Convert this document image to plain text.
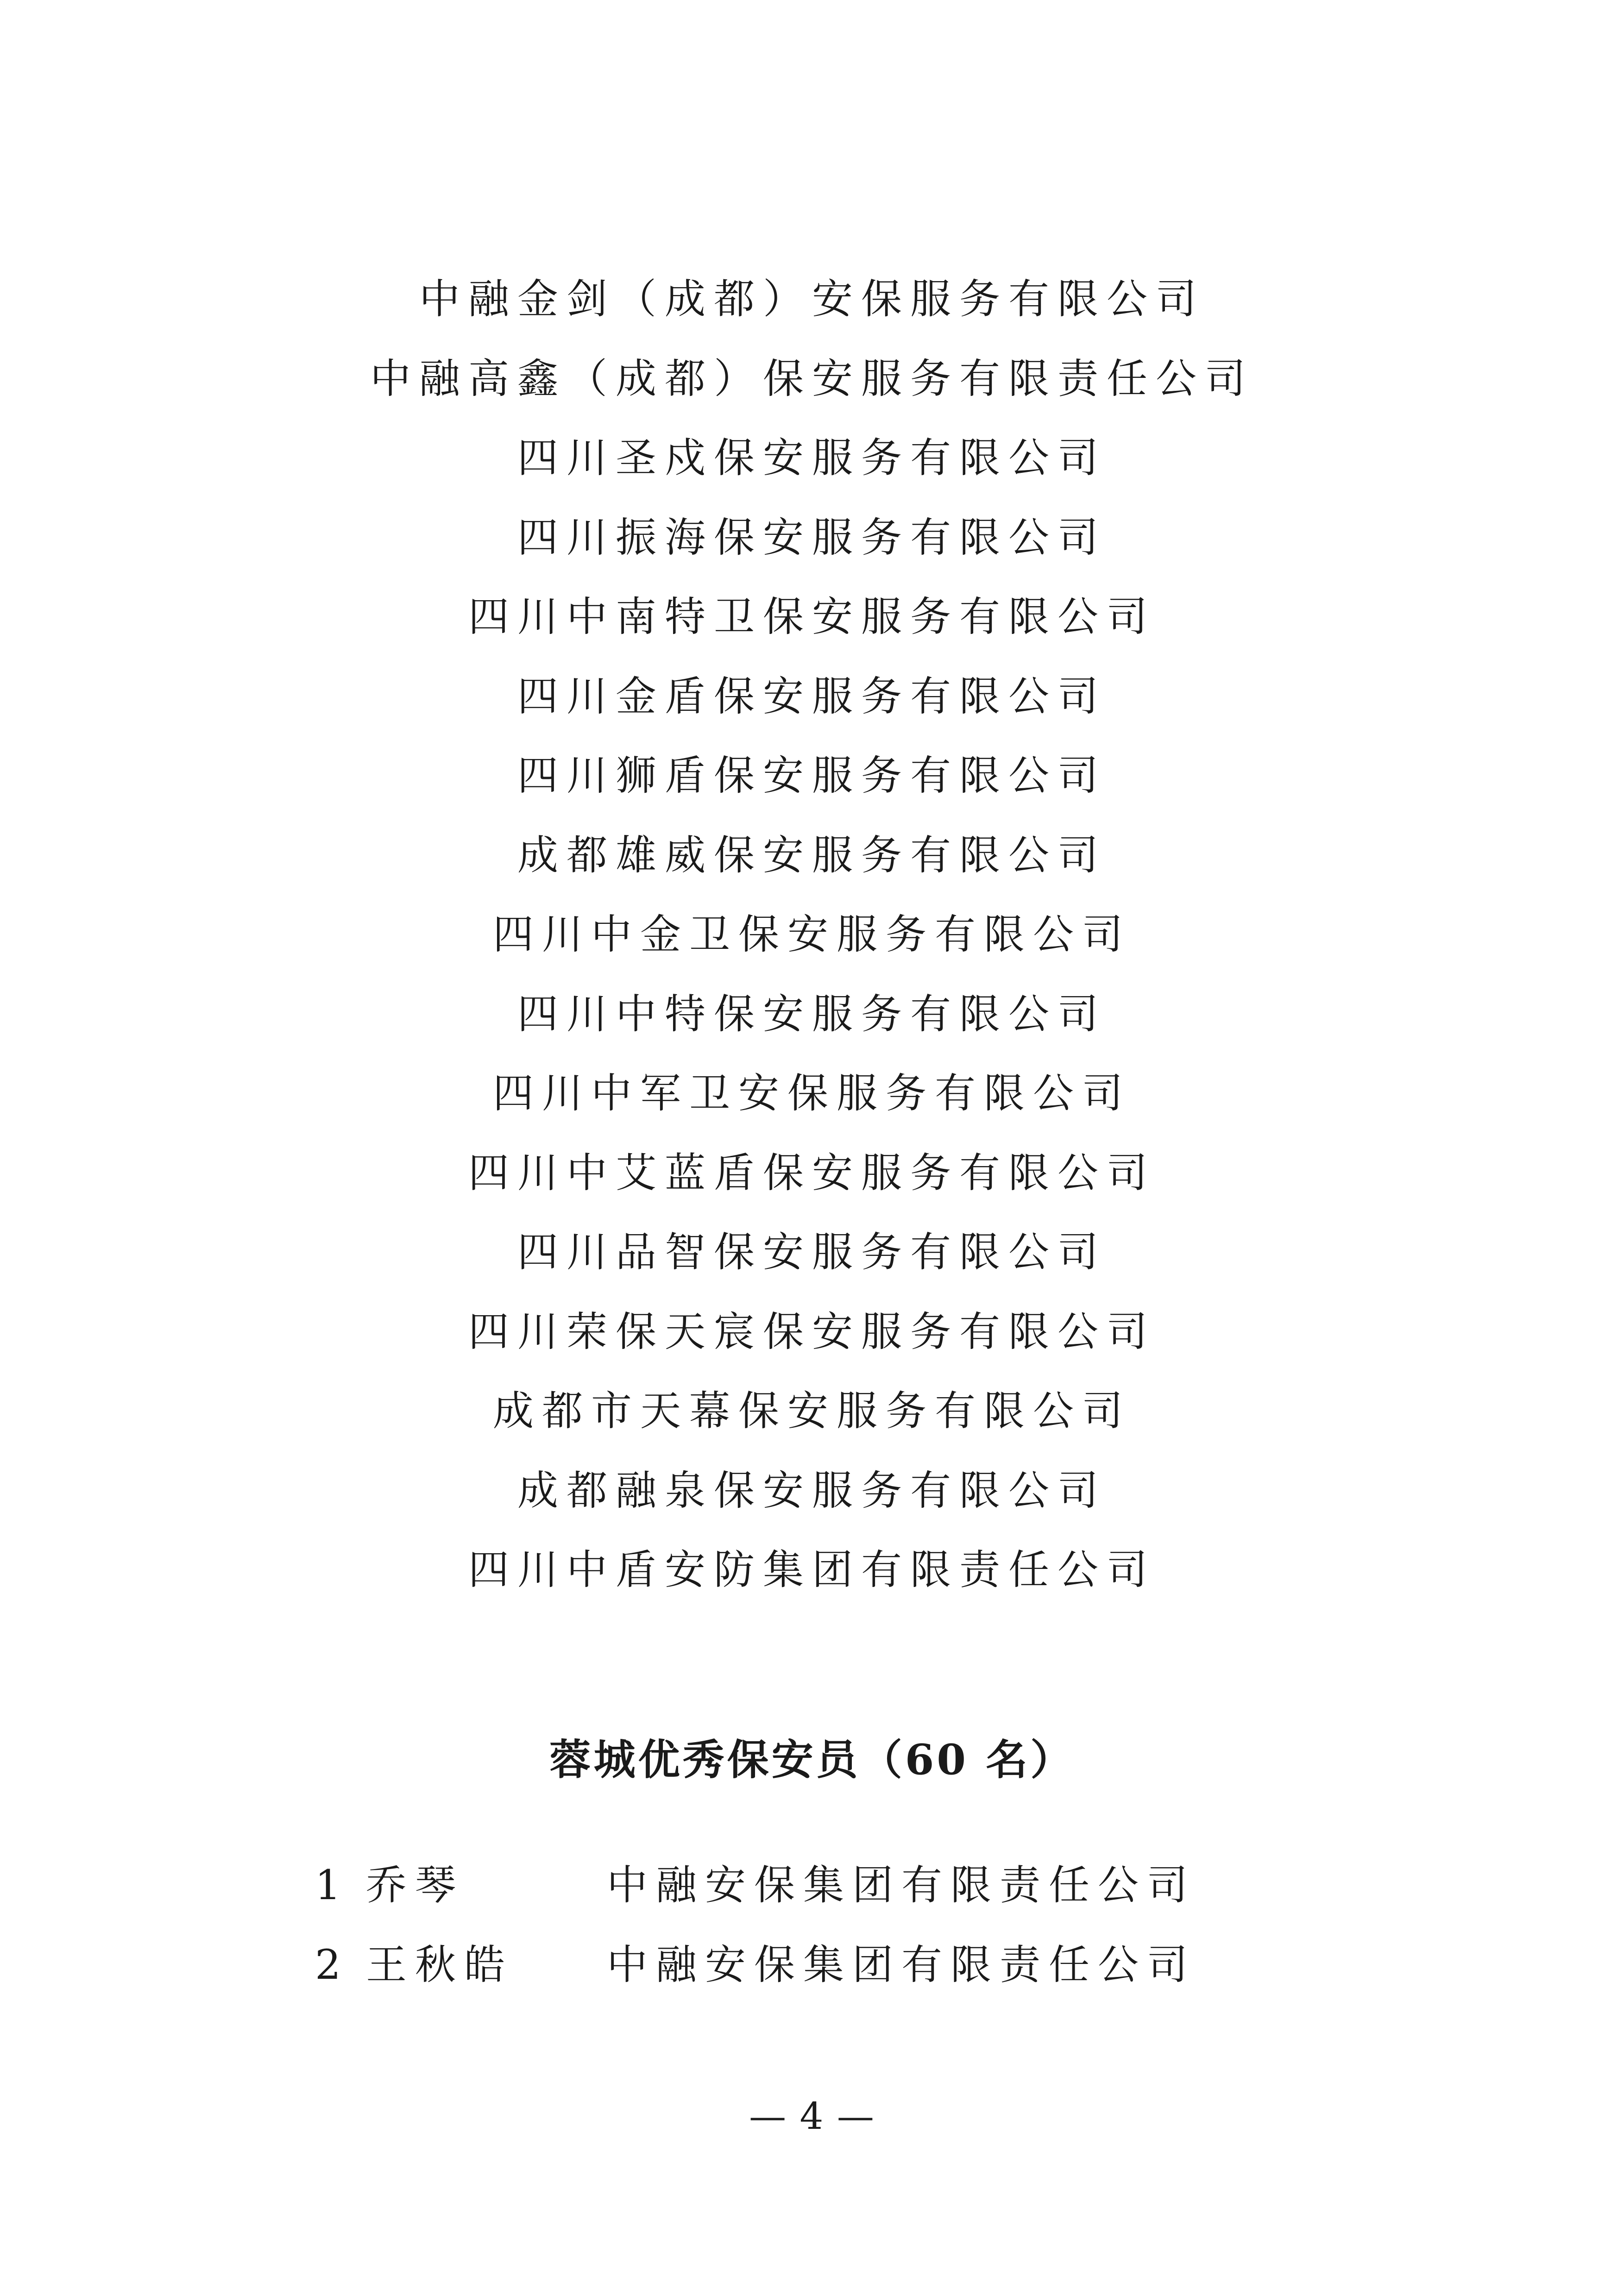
中融金剑（成都）安保服务有限公司
中融高鑫（成都）保安服务有限责任公司
四川圣戍保安服务有限公司
四川振海保安服务有限公司
四川中南特卫保安服务有限公司
四川金盾保安服务有限公司
四川狮盾保安服务有限公司
成都雄威保安服务有限公司
四川中金卫保安服务有限公司
四川中特保安服务有限公司
四川中军卫安保服务有限公司
四川中艾蓝盾保安服务有限公司
四川品智保安服务有限公司
四川荣保天宸保安服务有限公司
成都市天幕保安服务有限公司
成都融泉保安服务有限公司
四川中盾安防集团有限责任公司
蓉城优秀保安员（60 名）
1 乔琴	中融安保集团有限责任公司
2 王秋皓 中融安保集团有限责任公司
— 4 —
